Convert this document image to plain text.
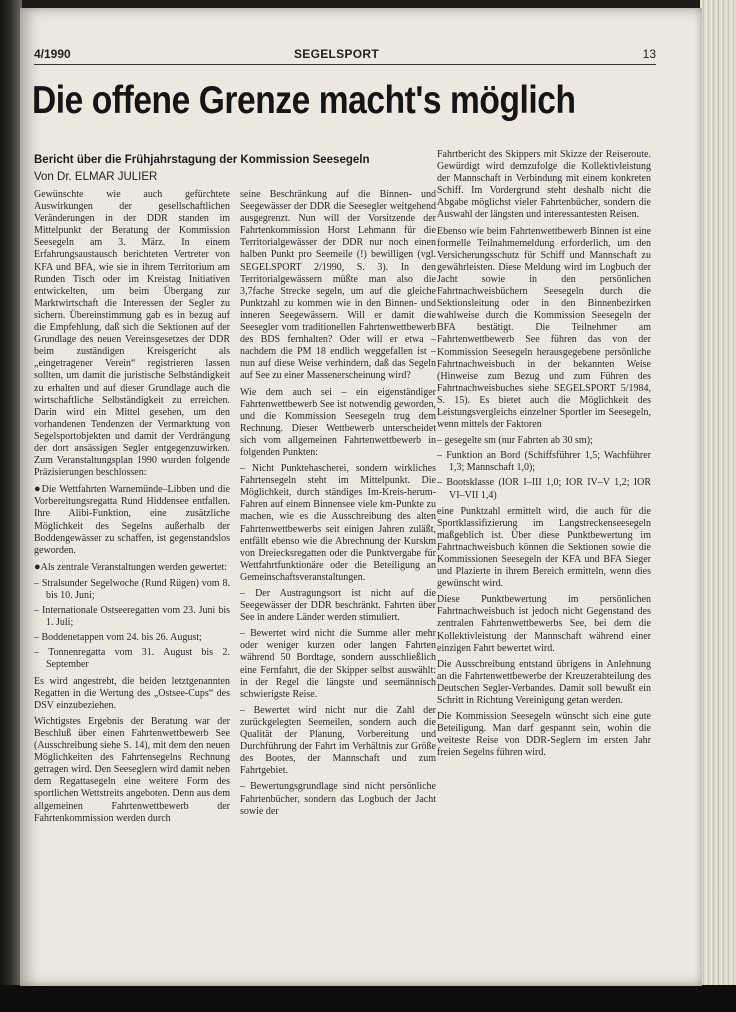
4/1990	SEGELSPORT	13
Die offene Grenze macht's möglich
Bericht über die Frühjahrstagung der Kommission Seesegeln
Von Dr. ELMAR JULIER

Gewünschte wie auch gefürchtete Auswirkungen der gesellschaftlichen Veränderungen in der DDR standen im Mittelpunkt der Beratung der Kommission Seesegeln am 3. März. In einem Erfahrungsaustausch berichteten Vertreter von KFA und BFA, wie sie in ihrem Territorium am Runden Tisch oder im Kreistag Initiativen entwickelten, um beim Übergang zur Marktwirtschaft die Interessen der Segler zu sichern. Übereinstimmung gab es in bezug auf die Empfehlung, daß sich die Sektionen auf der Grundlage des neuen Vereinsgesetzes der DDR beim zuständigen Kreisgericht als „eingetragener Verein“ registrieren lassen sollten, um damit die juristische Selbständigkeit zu erhalten und auf dieser Grundlage auch die wirtschaftliche Selbständigkeit zu erreichen. Darin wird ein Mittel gesehen, um den vorhandenen Tendenzen der Vermarktung von Segelsportobjekten und damit der Verdrängung der dort ansässigen Segler entgegenzuwirken. Zum Veranstaltungsplan 1990 wurden folgende Präzisierungen beschlossen:

● Die Wettfahrten Warnemünde–Libben und die Vorbereitungsregatta Rund Hiddensee entfallen. Ihre Alibi-Funktion, eine zusätzliche Möglichkeit des Segelns außerhalb der Boddengewässer zu schaffen, ist gegenstandslos geworden.

● Als zentrale Veranstaltungen werden gewertet:

– Stralsunder Segelwoche (Rund Rügen) vom 8. bis 10. Juni;
– Internationale Ostseeregatten vom 23. Juni bis 1. Juli;
– Boddenetappen vom 24. bis 26. August;
– Tonnenregatta vom 31. August bis 2. September

Es wird angestrebt, die beiden letztgenannten Regatten in die Wertung des „Ostsee-Cups“ des DSV einzubeziehen.

Wichtigstes Ergebnis der Beratung war der Beschluß über einen Fahrtenwettbewerb See (Ausschreibung siehe S. 14), mit dem den neuen Möglichkeiten des Fahrtensegelns Rechnung getragen wird. Den Seeseglern wird damit neben dem Regattasegeln eine weitere Form des sportlichen Wettstreits angeboten. Denn aus dem allgemeinen Fahrtenwettbewerb der Fahrtenkommission werden durch

seine Beschränkung auf die Binnen- und Seegewässer der DDR die Seesegler weitgehend ausgegrenzt. Nun will der Vorsitzende der Fahrtenkommission Horst Lehmann für die Territorialgewässer der DDR nur noch einen halben Punkt pro Seemeile (!) bewilligen (vgl. SEGELSPORT 2/1990, S. 3). In den Territorialgewässern müßte man also die 3,7fache Strecke segeln, um auf die gleiche Punktzahl zu kommen wie in den Binnen- und inneren Seegewässern. Will er damit die Seesegler vom traditionellen Fahrtenwettbewerb des BDS fernhalten? Oder will er etwa – nachdem die PM 18 endlich weggefallen ist – nun auf diese Weise verhindern, daß das Segeln auf See zu einer Massenerscheinung wird?

Wie dem auch sei – ein eigenständiger Fahrtenwettbewerb See ist notwendig geworden, und die Kommission Seesegeln trug dem Rechnung. Dieser Wettbewerb unterscheidet sich vom allgemeinen Fahrtenwettbewerb in folgenden Punkten:

– Nicht Punktehascherei, sondern wirkliches Fahrtensegeln steht im Mittelpunkt. Die Möglichkeit, durch ständiges Im-Kreis-herum-Fahren auf einem Binnensee viele km-Punkte zu machen, wie es die Ausschreibung des alten Fahrtenwettbewerbs seit einigen Jahren zuläßt, entfällt ebenso wie die Abrechnung der Kurskm von Dreiecksregatten oder die Punktvergabe für Wettfahrtfunktionäre oder die Beteiligung an Gemeinschaftsveranstaltungen.

– Der Austragungsort ist nicht auf die Seegewässer der DDR beschränkt. Fahrten über See in andere Länder werden stimuliert.

– Bewertet wird nicht die Summe aller mehr oder weniger kurzen oder langen Fahrten während 50 Bordtage, sondern ausschließlich eine Fernfahrt, die der Skipper selbst auswählt: in der Regel die längste und seemännisch schwierigste Reise.

– Bewertet wird nicht nur die Zahl der zurückgelegten Seemeilen, sondern auch die Qualität der Planung, Vorbereitung und Durchführung der Fahrt im Verhältnis zur Größe des Bootes, der Mannschaft und zum Fahrtgebiet.

– Bewertungsgrundlage sind nicht persönliche Fahrtenbücher, sondern das Logbuch der Jacht sowie der

Fahrtbericht des Skippers mit Skizze der Reiseroute. Gewürdigt wird demzufolge die Kollektivleistung der Mannschaft in Verbindung mit einem konkreten Schiff. Im Vordergrund steht deshalb nicht die Abgabe möglichst vieler Fahrtenbücher, sondern die Auswahl der längsten und interessantesten Reisen.

Ebenso wie beim Fahrtenwettbewerb Binnen ist eine formelle Teilnahmemeldung erforderlich, um den Versicherungsschutz für Schiff und Mannschaft zu gewährleisten. Diese Meldung wird im Logbuch der Jacht sowie in den persönlichen Fahrtnachweisbüchern Seesegeln durch die Sektionsleitung oder in den Binnenbezirken wahlweise durch die Kommission Seesegeln der BFA bestätigt. Die Teilnehmer am Fahrtenwettbewerb See führen das von der Kommission Seesegeln herausgegebene persönliche Fahrtnachweisbuch in der bekannten Weise (Hinweise zum Bezug und zum Führen des Fahrtnachweisbuches siehe SEGELSPORT 5/1984, S. 15). Es bietet auch die Möglichkeit des Leistungsvergleichs einzelner Sportler im Seesegeln, wenn mittels der Faktoren

– gesegelte sm (nur Fahrten ab 30 sm);
– Funktion an Bord (Schiffsführer 1,5; Wachführer 1,3; Mannschaft 1,0);
– Bootsklasse (IOR I–III 1,0; IOR IV–V 1,2; IOR VI–VII 1,4)

eine Punktzahl ermittelt wird, die auch für die Sportklassifizierung im Langstreckenseesegeln maßgeblich ist. Über diese Punktbewertung im Fahrtnachweisbuch können die Sektionen sowie die Kommissionen Seesegeln der KFA und BFA Sieger und Plazierte in ihrem Bereich ermitteln, wenn dies gewünscht wird.

Diese Punktbewertung im persönlichen Fahrtnachweisbuch ist jedoch nicht Gegenstand des zentralen Fahrtenwettbewerbs See, bei dem die Kollektivleistung der Mannschaft während einer einzigen Fahrt bewertet wird.

Die Ausschreibung entstand übrigens in Anlehnung an die Fahrtenwettbewerbe der Kreuzerabteilung des Deutschen Segler-Verbandes. Damit soll bewußt ein Schritt in Richtung Vereinigung getan werden.

Die Kommission Seesegeln wünscht sich eine gute Beteiligung. Man darf gespannt sein, wohin die weiteste Reise von DDR-Seglern im ersten Jahr freien Segelns führen wird.
